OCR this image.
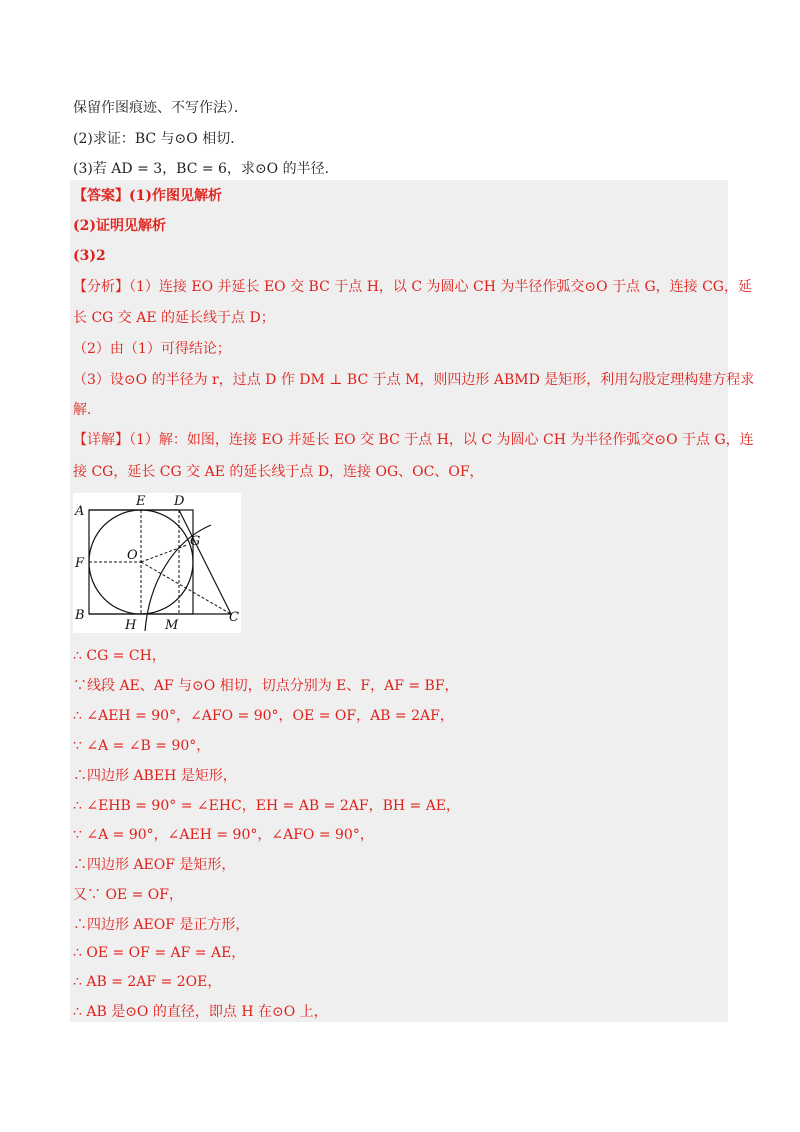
保留作图痕迹、不写作法）．
(2)求证：BC 与⊙O 相切．
(3)若 AD = 3，BC = 6，求⊙O 的半径．
【答案】(1)作图见解析
(2)证明见解析
(3)2
【分析】（1）连接 EO 并延长 EO 交 BC 于点 H，以 C 为圆心 CH 为半径作弧交⊙O 于点 G，连接 CG，延
长 CG 交 AE 的延长线于点 D；
（2）由（1）可得结论；
（3）设⊙O 的半径为 r，过点 D 作 DM ⊥ BC 于点 M，则四边形 ABMD 是矩形，利用勾股定理构建方程求
解．
【详解】（1）解：如图，连接 EO 并延长 EO 交 BC 于点 H，以 C 为圆心 CH 为半径作弧交⊙O 于点 G，连
接 CG，延长 CG 交 AE 的延长线于点 D，连接 OG、OC、OF，
A
E D
G
O
F
B
H M
C
∴ CG = CH，
∵线段 AE、AF 与⊙O 相切，切点分别为 E、F，AF = BF，
∴ ∠AEH = 90°，∠AFO = 90°，OE = OF，AB = 2AF，
∵ ∠A = ∠B = 90°，
∴四边形 ABEH 是矩形，
∴ ∠EHB = 90° = ∠EHC，EH = AB = 2AF，BH = AE，
∵ ∠A = 90°，∠AEH = 90°，∠AFO = 90°，
∴四边形 AEOF 是矩形，
又∵ OE = OF，
∴四边形 AEOF 是正方形，
∴ OE = OF = AF = AE，
∴ AB = 2AF = 2OE，
∴ AB 是⊙O 的直径，即点 H 在⊙O 上，
